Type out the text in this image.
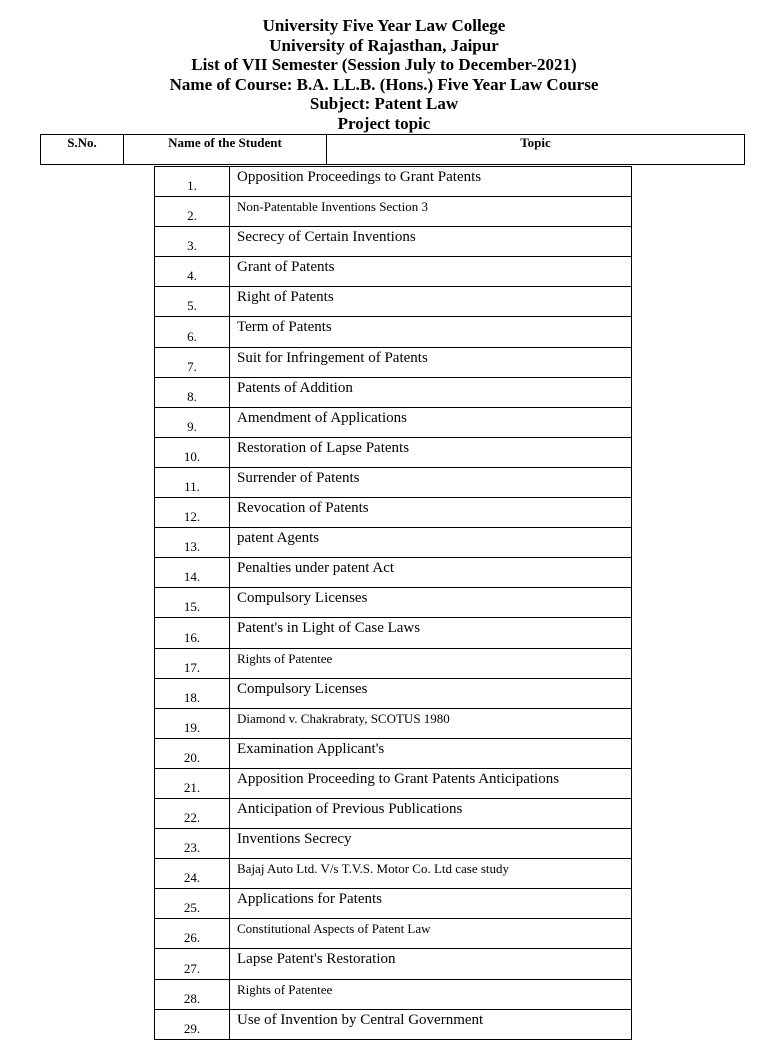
University Five Year Law College
University of Rajasthan, Jaipur
List of VII Semester (Session July to December-2021)
Name of Course: B.A. LL.B. (Hons.) Five Year Law Course
Subject: Patent Law
Project topic
S.No.	Name of the Student	Topic
1.	Opposition Proceedings to Grant Patents
2.	Non-Patentable Inventions Section 3
3.	Secrecy of Certain Inventions
4.	Grant of Patents
5.	Right of Patents
6.	Term of Patents
7.	Suit for Infringement of Patents
8.	Patents of Addition
9.	Amendment of Applications
10.	Restoration of Lapse Patents
11.	Surrender of Patents
12.	Revocation of Patents
13.	patent Agents
14.	Penalties under patent Act
15.	Compulsory Licenses
16.	Patent's in Light of Case Laws
17.	Rights of Patentee
18.	Compulsory Licenses
19.	Diamond v. Chakrabraty, SCOTUS 1980
20.	Examination Applicant's
21.	Apposition Proceeding to Grant Patents Anticipations
22.	Anticipation of Previous Publications
23.	Inventions Secrecy
24.	Bajaj Auto Ltd. V/s T.V.S. Motor Co. Ltd case study
25.	Applications for Patents
26.	Constitutional Aspects of Patent Law
27.	Lapse Patent's Restoration
28.	Rights of Patentee
29.	Use of Invention by Central Government
